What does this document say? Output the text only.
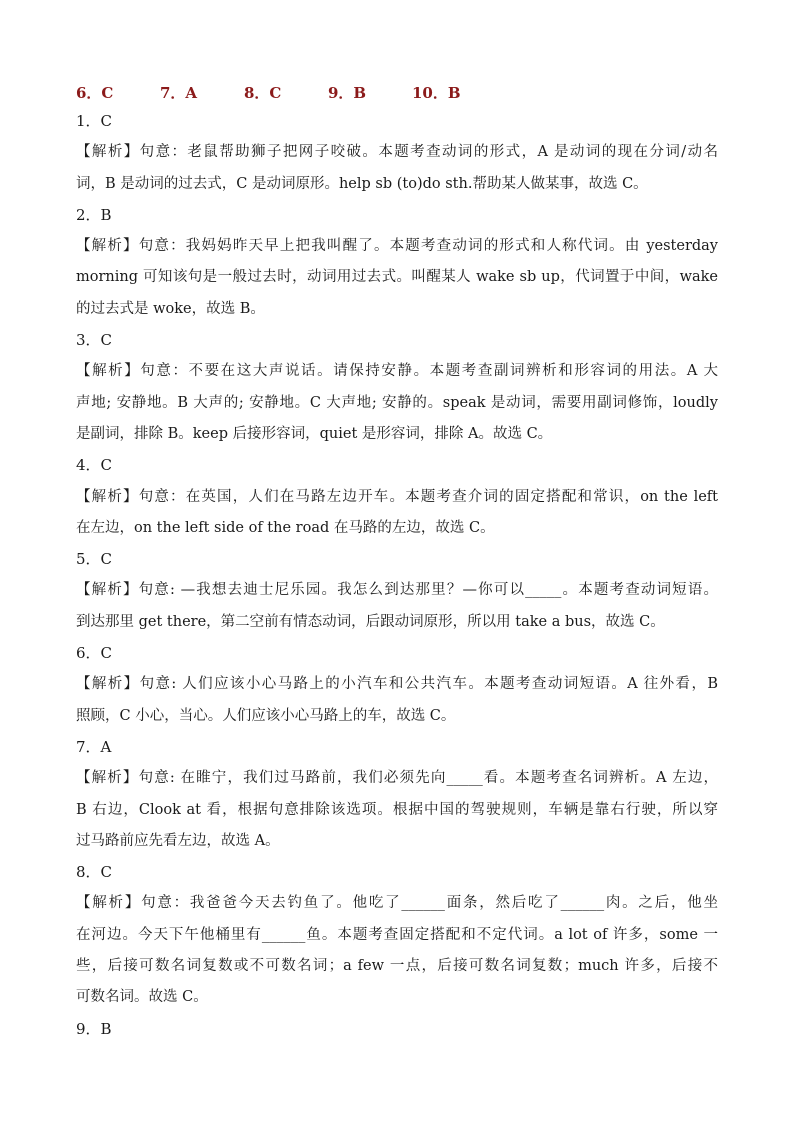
6．C	7．A	8．C	9．B	10．B
1．C
【解析】句意：老鼠帮助狮子把网子咬破。本题考查动词的形式，A 是动词的现在分词/动名
词，B 是动词的过去式，C 是动词原形。help sb (to)do sth.帮助某人做某事，故选 C。
2．B
【解析】句意：我妈妈昨天早上把我叫醒了。本题考查动词的形式和人称代词。由 yesterday
morning 可知该句是一般过去时，动词用过去式。叫醒某人 wake sb up，代词置于中间，wake
的过去式是 woke，故选 B。
3．C
【解析】句意：不要在这大声说话。请保持安静。本题考查副词辨析和形容词的用法。A 大
声地; 安静地。B 大声的; 安静地。C 大声地; 安静的。speak 是动词，需要用副词修饰，loudly
是副词，排除 B。keep 后接形容词，quiet 是形容词，排除 A。故选 C。
4．C
【解析】句意：在英国，人们在马路左边开车。本题考查介词的固定搭配和常识，on the left
在左边，on the left side of the road 在马路的左边，故选 C。
5．C
【解析】句意: —我想去迪士尼乐园。我怎么到达那里？—你可以_____。本题考查动词短语。
到达那里 get there，第二空前有情态动词，后跟动词原形，所以用 take a bus，故选 C。
6．C
【解析】句意: 人们应该小心马路上的小汽车和公共汽车。本题考查动词短语。A 往外看，B
照顾，C 小心，当心。人们应该小心马路上的车，故选 C。
7．A
【解析】句意: 在睢宁，我们过马路前，我们必须先向_____看。本题考查名词辨析。A 左边，
B 右边，Clook at 看，根据句意排除该选项。根据中国的驾驶规则，车辆是靠右行驶，所以穿
过马路前应先看左边，故选 A。
8．C
【解析】句意：我爸爸今天去钓鱼了。他吃了______面条，然后吃了______肉。之后，他坐
在河边。今天下午他桶里有______鱼。本题考查固定搭配和不定代词。a lot of 许多，some 一
些，后接可数名词复数或不可数名词；a few 一点，后接可数名词复数；much 许多，后接不
可数名词。故选 C。
9．B
